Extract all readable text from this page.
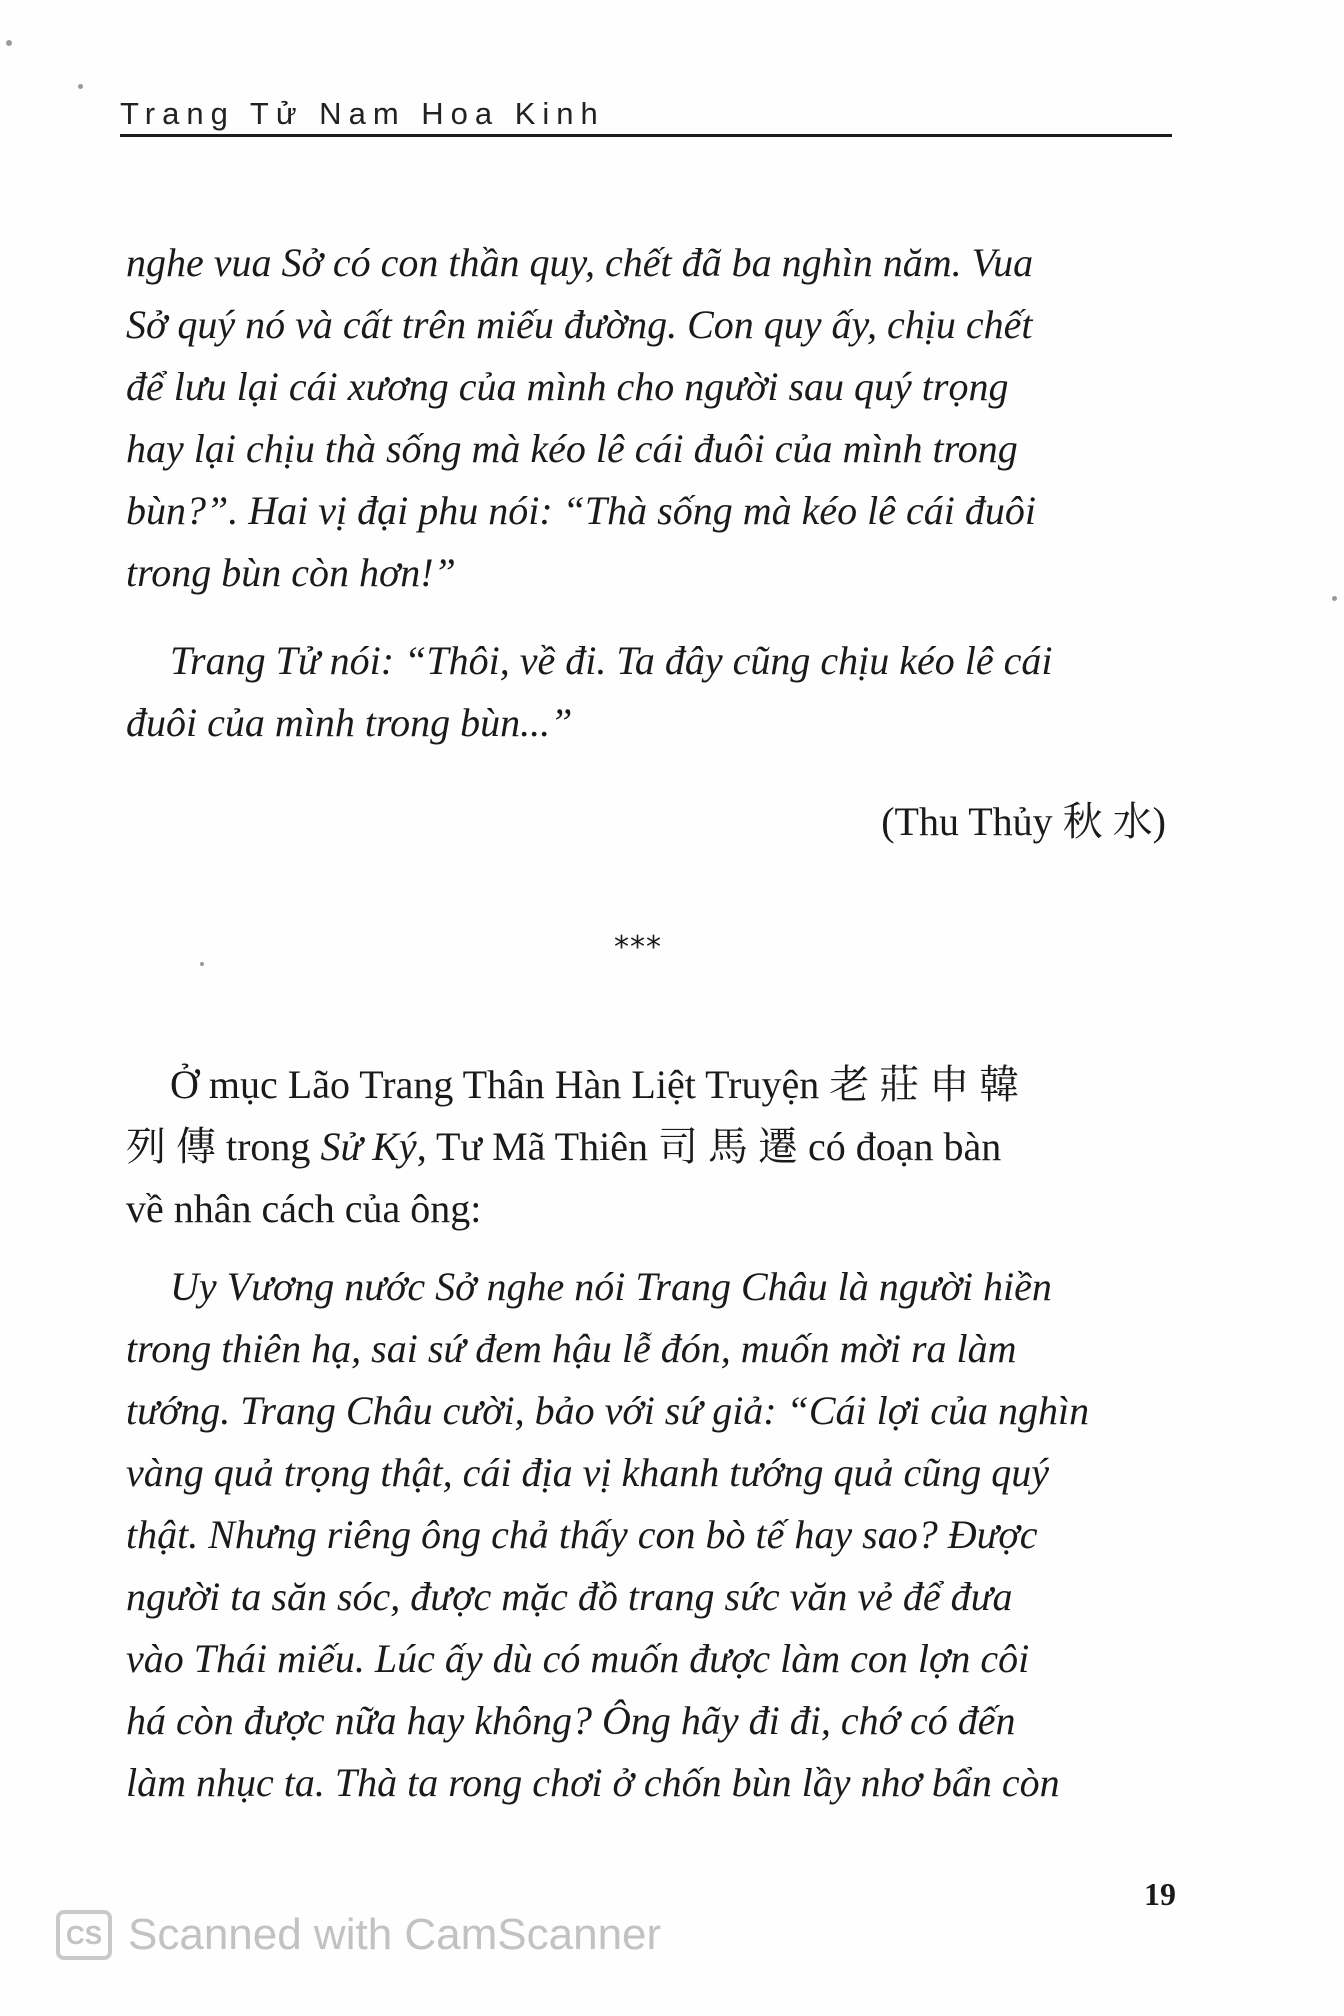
Trang Tử Nam Hoa Kinh
nghe vua Sở có con thần quy, chết đã ba nghìn năm. Vua
Sở quý nó và cất trên miếu đường. Con quy ấy, chịu chết
để lưu lại cái xương của mình cho người sau quý trọng
hay lại chịu thà sống mà kéo lê cái đuôi của mình trong
bùn?”. Hai vị đại phu nói: “Thà sống mà kéo lê cái đuôi
trong bùn còn hơn!”
Trang Tử nói: “Thôi, về đi. Ta đây cũng chịu kéo lê cái
đuôi của mình trong bùn...”
(Thu Thủy 秋 水)
***
Ở mục Lão Trang Thân Hàn Liệt Truyện 老 莊 申 韓
列 傳 trong Sử Ký, Tư Mã Thiên 司 馬 遷 có đoạn bàn
về nhân cách của ông:
Uy Vương nước Sở nghe nói Trang Châu là người hiền
trong thiên hạ, sai sứ đem hậu lễ đón, muốn mời ra làm
tướng. Trang Châu cười, bảo với sứ giả: “Cái lợi của nghìn
vàng quả trọng thật, cái địa vị khanh tướng quả cũng quý
thật. Nhưng riêng ông chả thấy con bò tế hay sao? Được
người ta săn sóc, được mặc đồ trang sức văn vẻ để đưa
vào Thái miếu. Lúc ấy dù có muốn được làm con lợn côi
há còn được nữa hay không? Ông hãy đi đi, chớ có đến
làm nhục ta. Thà ta rong chơi ở chốn bùn lầy nhơ bẩn còn
19
CS Scanned with CamScanner
